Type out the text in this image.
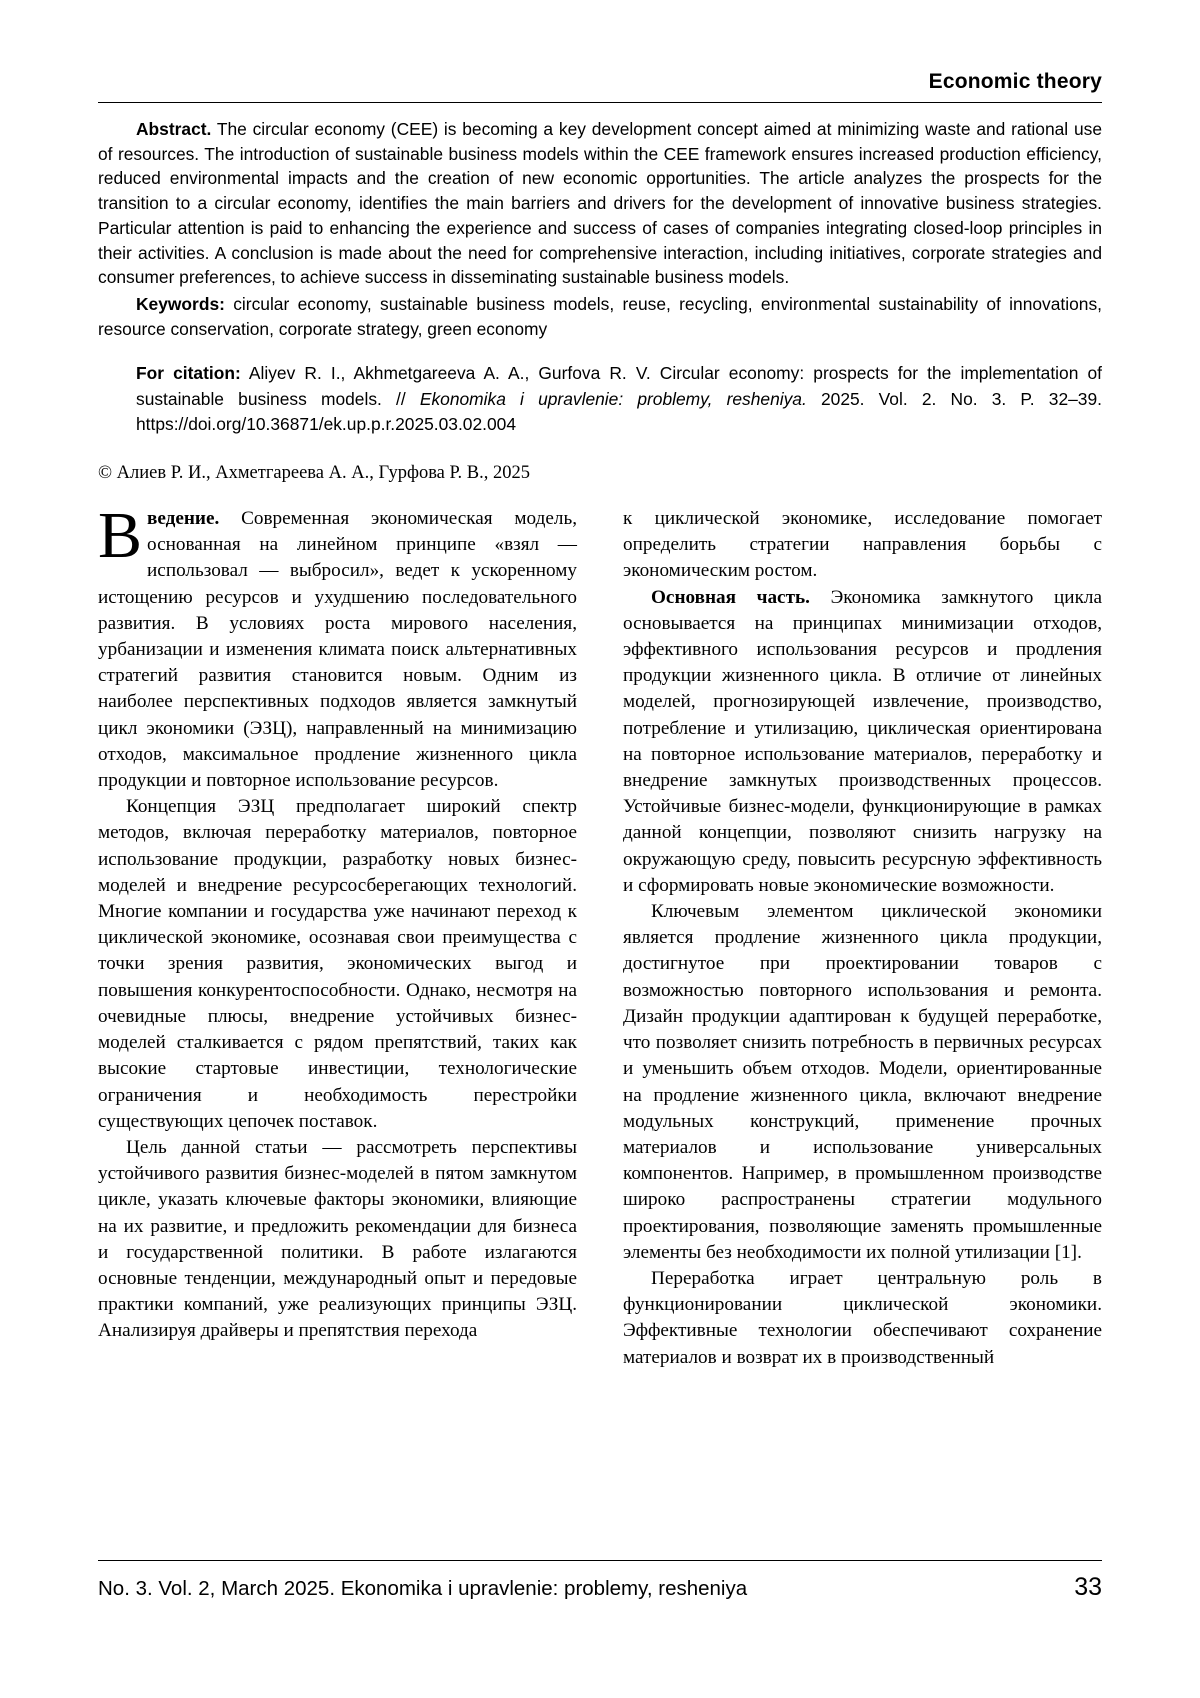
Economic theory

Abstract. The circular economy (CEE) is becoming a key development concept aimed at minimizing waste and rational use of resources. The introduction of sustainable business models within the CEE framework ensures increased production efficiency, reduced environmental impacts and the creation of new economic opportunities. The article analyzes the prospects for the transition to a circular economy, identifies the main barriers and drivers for the development of innovative business strategies. Particular attention is paid to enhancing the experience and success of cases of companies integrating closed-loop principles in their activities. A conclusion is made about the need for comprehensive interaction, including initiatives, corporate strategies and consumer preferences, to achieve success in disseminating sustainable business models.

Keywords: circular economy, sustainable business models, reuse, recycling, environmental sustainability of innovations, resource conservation, corporate strategy, green economy
For citation: Aliyev R. I., Akhmetgareeva A. A., Gurfova R. V. Circular economy: prospects for the implementation of sustainable business models. // Ekonomika i upravlenie: problemy, resheniya. 2025. Vol. 2. No. 3. P. 32–39. https://doi.org/10.36871/ek.up.p.r.2025.03.02.004
© Алиев Р. И., Ахметгареева А. А., Гурфова Р. В., 2025

Введение. Современная экономическая модель, основанная на линейном принципе «взял — использовал — выбросил», ведет к ускоренному истощению ресурсов и ухудшению последовательного развития. В условиях роста мирового населения, урбанизации и изменения климата поиск альтернативных стратегий развития становится новым. Одним из наиболее перспективных подходов является замкнутый цикл экономики (ЭЗЦ), направленный на минимизацию отходов, максимальное продление жизненного цикла продукции и повторное использование ресурсов.

Концепция ЭЗЦ предполагает широкий спектр методов, включая переработку материалов, повторное использование продукции, разработку новых бизнес-моделей и внедрение ресурсосберегающих технологий. Многие компании и государства уже начинают переход к циклической экономике, осознавая свои преимущества с точки зрения развития, экономических выгод и повышения конкурентоспособности. Однако, несмотря на очевидные плюсы, внедрение устойчивых бизнес-моделей сталкивается с рядом препятствий, таких как высокие стартовые инвестиции, технологические ограничения и необходимость перестройки существующих цепочек поставок.

Цель данной статьи — рассмотреть перспективы устойчивого развития бизнес-моделей в пятом замкнутом цикле, указать ключевые факторы экономики, влияющие на их развитие, и предложить рекомендации для бизнеса и государственной политики. В работе излагаются основные тенденции, международный опыт и передовые практики компаний, уже реализующих принципы ЭЗЦ. Анализируя драйверы и препятствия перехода

к циклической экономике, исследование помогает определить стратегии направления борьбы с экономическим ростом.

Основная часть. Экономика замкнутого цикла основывается на принципах минимизации отходов, эффективного использования ресурсов и продления продукции жизненного цикла. В отличие от линейных моделей, прогнозирующей извлечение, производство, потребление и утилизацию, циклическая ориентирована на повторное использование материалов, переработку и внедрение замкнутых производственных процессов. Устойчивые бизнес-модели, функционирующие в рамках данной концепции, позволяют снизить нагрузку на окружающую среду, повысить ресурсную эффективность и сформировать новые экономические возможности.

Ключевым элементом циклической экономики является продление жизненного цикла продукции, достигнутое при проектировании товаров с возможностью повторного использования и ремонта. Дизайн продукции адаптирован к будущей переработке, что позволяет снизить потребность в первичных ресурсах и уменьшить объем отходов. Модели, ориентированные на продление жизненного цикла, включают внедрение модульных конструкций, применение прочных материалов и использование универсальных компонентов. Например, в промышленном производстве широко распространены стратегии модульного проектирования, позволяющие заменять промышленные элементы без необходимости их полной утилизации [1].

Переработка играет центральную роль в функционировании циклической экономики. Эффективные технологии обеспечивают сохранение материалов и возврат их в производственный

No. 3. Vol. 2, March 2025. Ekonomika i upravlenie: problemy, resheniya	33
